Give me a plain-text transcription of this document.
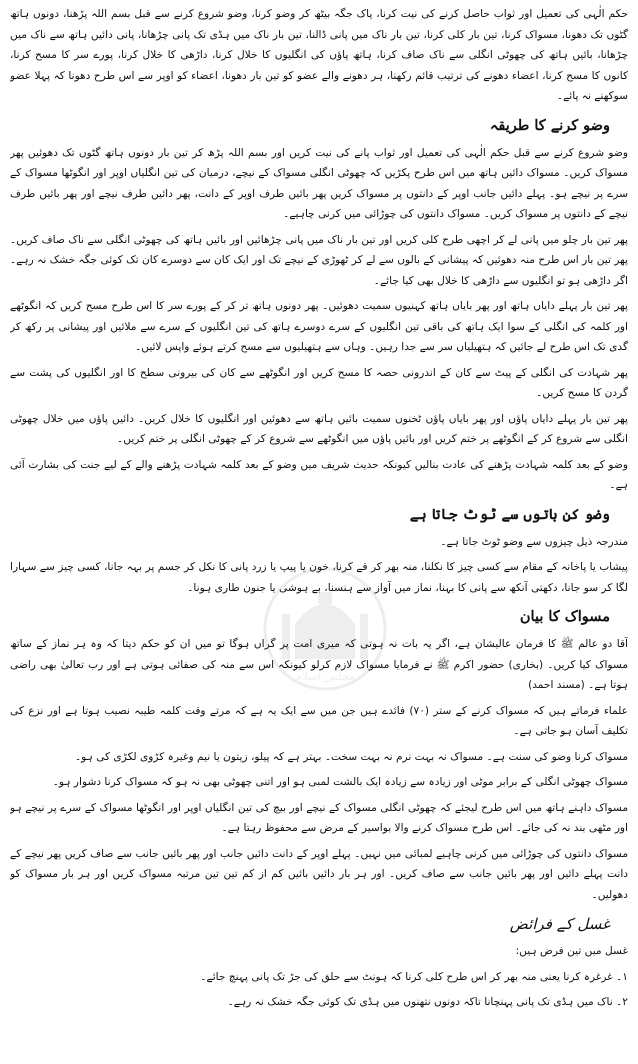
مجلس اسلام

حکم الٰہی کی تعمیل اور ثواب حاصل کرنے کی نیت کرنا، پاک جگہ بیٹھ کر وضو کرنا، وضو شروع کرنے سے قبل بسم اللہ پڑھنا، دونوں ہاتھ گٹوں تک دھونا، مسواک کرنا، تین بار کلی کرنا، تین بار ناک میں پانی ڈالنا، تین بار ناک میں ہڈی تک پانی چڑھانا، پانی دائیں ہاتھ سے ناک میں چڑھانا، بائیں ہاتھ کی چھوٹی انگلی سے ناک صاف کرنا، ہاتھ پاؤں کی انگلیوں کا خلال کرنا، داڑھی کا خلال کرنا، پورے سر کا مسح کرنا، کانوں کا مسح کرنا، اعضاء دھونے کی ترتیب قائم رکھنا، ہر دھونے والے عضو کو تین بار دھونا، اعضاء کو اوپر سے اس طرح دھونا کہ پہلا عضو سوکھنے نہ پائے۔

وضو کرنے کا طریقہ

وضو شروع کرنے سے قبل حکم الٰہی کی تعمیل اور ثواب پانے کی نیت کریں اور بسم اللہ پڑھ کر تین بار دونوں ہاتھ گٹوں تک دھوئیں پھر مسواک کریں۔ مسواک دائیں ہاتھ میں اس طرح پکڑیں کہ چھوٹی انگلی مسواک کے نیچے، درمیان کی تین انگلیاں اوپر اور انگوٹھا مسواک کے سرے پر نیچے ہو۔ پہلے دائیں جانب اوپر کے دانتوں پر مسواک کریں پھر بائیں طرف اوپر کے دانت، پھر دائیں طرف نیچے اور پھر بائیں طرف نیچے کے دانتوں پر مسواک کریں۔ مسواک دانتوں کی چوڑائی میں کرنی چاہیے۔

پھر تین بار چلو میں پانی لے کر اچھی طرح کلی کریں اور تین بار ناک میں پانی چڑھائیں اور بائیں ہاتھ کی چھوٹی انگلی سے ناک صاف کریں۔ پھر تین بار اس طرح منہ دھوئیں کہ پیشانی کے بالوں سے لے کر ٹھوڑی کے نیچے تک اور ایک کان سے دوسرے کان تک کوئی جگہ خشک نہ رہے۔ اگر داڑھی ہو تو انگلیوں سے داڑھی کا خلال بھی کیا جائے۔

پھر تین بار پہلے دایاں ہاتھ اور پھر بایاں ہاتھ کہنیوں سمیت دھوئیں۔ پھر دونوں ہاتھ تر کر کے پورے سر کا اس طرح مسح کریں کہ انگوٹھے اور کلمہ کی انگلی کے سوا ایک ہاتھ کی باقی تین انگلیوں کے سرے دوسرے ہاتھ کی تین انگلیوں کے سرے سے ملائیں اور پیشانی پر رکھ کر گدی تک اس طرح لے جائیں کہ ہتھیلیاں سر سے جدا رہیں۔ وہاں سے ہتھیلیوں سے مسح کرتے ہوئے واپس لائیں۔

پھر شہادت کی انگلی کے پیٹ سے کان کے اندرونی حصہ کا مسح کریں اور انگوٹھے سے کان کی بیرونی سطح کا اور انگلیوں کی پشت سے گردن کا مسح کریں۔

پھر تین بار پہلے دایاں پاؤں اور پھر بایاں پاؤں ٹخنوں سمیت بائیں ہاتھ سے دھوئیں اور انگلیوں کا خلال کریں۔ دائیں پاؤں میں خلال چھوٹی انگلی سے شروع کر کے انگوٹھے پر ختم کریں اور بائیں پاؤں میں انگوٹھے سے شروع کر کے چھوٹی انگلی پر ختم کریں۔

وضو کے بعد کلمہ شہادت پڑھنے کی عادت بنالیں کیونکہ حدیث شریف میں وضو کے بعد کلمہ شہادت پڑھنے والے کے لیے جنت کی بشارت آئی ہے۔

وضو کن باتوں سے ٹوٹ جاتا ہے

مندرجہ ذیل چیزوں سے وضو ٹوٹ جاتا ہے۔

پیشاب یا پاخانہ کے مقام سے کسی چیز کا نکلنا، منہ بھر کر قے کرنا، خون یا پیپ یا زرد پانی کا نکل کر جسم پر بہہ جانا، کسی چیز سے سہارا لگا کر سو جانا، دکھتی آنکھ سے پانی کا بہنا، نماز میں آواز سے ہنسنا، بے ہوشی یا جنون طاری ہونا۔

مسواک کا بیان

آقا دو عالم ﷺ کا فرمان عالیشان ہے، اگر یہ بات نہ ہوتی کہ میری امت پر گراں ہوگا تو میں ان کو حکم دیتا کہ وہ ہر نماز کے ساتھ مسواک کیا کریں۔ (بخاری) حضور اکرم ﷺ نے فرمایا مسواک لازم کرلو کیونکہ اس سے منہ کی صفائی ہوتی ہے اور رب تعالیٰ بھی راضی ہوتا ہے۔ (مسند احمد)

علماء فرماتے ہیں کہ مسواک کرنے کے ستر (۷۰) فائدے ہیں جن میں سے ایک یہ ہے کہ مرتے وقت کلمہ طیبہ نصیب ہوتا ہے اور نزع کی تکلیف آسان ہو جاتی ہے۔

مسواک کرنا وضو کی سنت ہے۔ مسواک نہ بہت نرم نہ بہت سخت۔ بہتر ہے کہ پیلو، زیتون یا نیم وغیرہ کڑوی لکڑی کی ہو۔

مسواک چھوٹی انگلی کے برابر موٹی اور زیادہ سے زیادہ ایک بالشت لمبی ہو اور اتنی چھوٹی بھی نہ ہو کہ مسواک کرنا دشوار ہو۔

مسواک داہنے ہاتھ میں اس طرح لیجئے کہ چھوٹی انگلی مسواک کے نیچے اور بیچ کی تین انگلیاں اوپر اور انگوٹھا مسواک کے سرے پر نیچے ہو اور مٹھی بند نہ کی جائے۔ اس طرح مسواک کرنے والا بواسیر کے مرض سے محفوظ رہتا ہے۔

مسواک دانتوں کی چوڑائی میں کرنی چاہیے لمبائی میں نہیں۔ پہلے اوپر کے دانت دائیں جانب اور پھر بائیں جانب سے صاف کریں پھر نیچے کے دانت پہلے دائیں اور پھر بائیں جانب سے صاف کریں۔ اور ہر بار دائیں بائیں کم از کم تین تین مرتبہ مسواک کریں اور ہر بار مسواک کو دھولیں۔

غسل کے فرائض

غسل میں تین فرض ہیں:

۱۔ غرغرہ کرنا یعنی منہ بھر کر اس طرح کلی کرنا کہ ہونٹ سے حلق کی جڑ تک پانی پہنچ جائے۔

۲۔ ناک میں ہڈی تک پانی پہنچانا تاکہ دونوں نتھنوں میں ہڈی تک کوئی جگہ خشک نہ رہے۔
